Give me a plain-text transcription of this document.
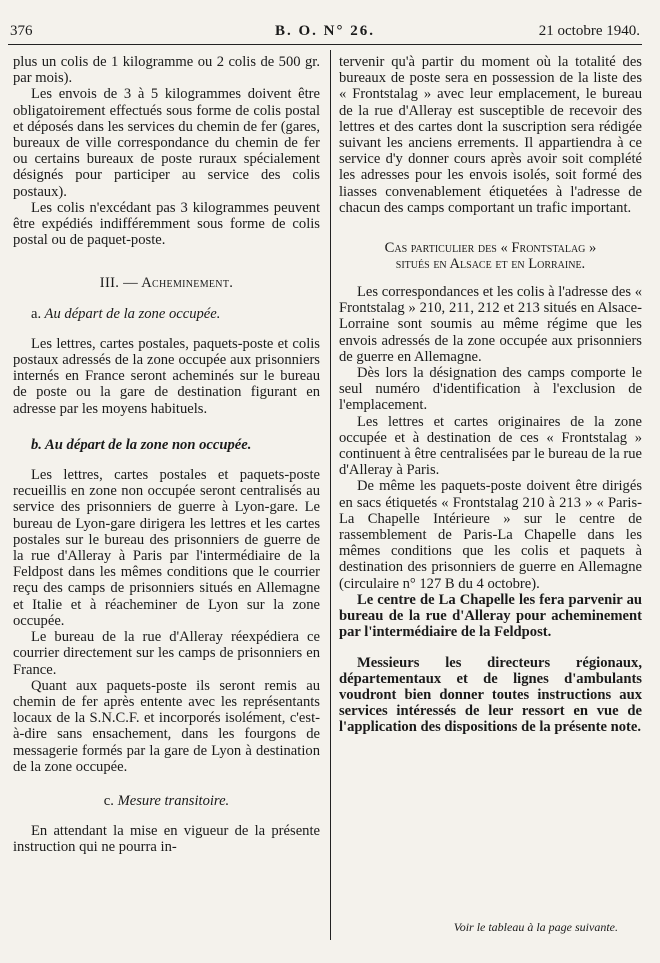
376	B. O. N° 26.	21 octobre 1940.

plus un colis de 1 kilogramme ou 2 colis de 500 gr. par mois).

Les envois de 3 à 5 kilogrammes doivent être obligatoirement effectués sous forme de colis postal et déposés dans les services du chemin de fer (gares, bureaux de ville correspondance du chemin de fer ou certains bureaux de poste ruraux spécialement désignés pour participer au service des colis postaux).

Les colis n'excédant pas 3 kilogrammes peuvent être expédiés indifféremment sous forme de colis postal ou de paquet-poste.

III. — Acheminement.
a. Au départ de la zone occupée.

Les lettres, cartes postales, paquets-poste et colis postaux adressés de la zone occupée aux prisonniers internés en France seront acheminés sur le bureau de poste ou la gare de destination figurant en adresse par les moyens habituels.

b. Au départ de la zone non occupée.

Les lettres, cartes postales et paquets-poste recueillis en zone non occupée seront centralisés au service des prisonniers de guerre à Lyon-gare. Le bureau de Lyon-gare dirigera les lettres et les cartes postales sur le bureau des prisonniers de guerre de la rue d'Alleray à Paris par l'intermédiaire de la Feldpost dans les mêmes conditions que le courrier reçu des camps de prisonniers situés en Allemagne et Italie et à réacheminer de Lyon sur la zone occupée.

Le bureau de la rue d'Alleray réexpédiera ce courrier directement sur les camps de prisonniers en France.

Quant aux paquets-poste ils seront remis au chemin de fer après entente avec les représentants locaux de la S.N.C.F. et incorporés isolément, c'est-à-dire sans ensachement, dans les fourgons de messagerie formés par la gare de Lyon à destination de la zone occupée.

c. Mesure transitoire.

En attendant la mise en vigueur de la présente instruction qui ne pourra in-

tervenir qu'à partir du moment où la totalité des bureaux de poste sera en possession de la liste des « Frontstalag » avec leur emplacement, le bureau de la rue d'Alleray est susceptible de recevoir des lettres et des cartes dont la suscription sera rédigée suivant les anciens errements. Il appartiendra à ce service d'y donner cours après avoir soit complété les adresses pour les envois isolés, soit formé des liasses convenablement étiquetées à l'adresse de chacun des camps comportant un trafic important.

Cas particulier des « Frontstalag »
situés en Alsace et en Lorraine.

Les correspondances et les colis à l'adresse des « Frontstalag » 210, 211, 212 et 213 situés en Alsace-Lorraine sont soumis au même régime que les envois adressés de la zone occupée aux prisonniers de guerre en Allemagne.

Dès lors la désignation des camps comporte le seul numéro d'identification à l'exclusion de l'emplacement.

Les lettres et cartes originaires de la zone occupée et à destination de ces « Frontstalag » continuent à être centralisées par le bureau de la rue d'Alleray à Paris.

De même les paquets-poste doivent être dirigés en sacs étiquetés « Frontstalag 210 à 213 » « Paris-La Chapelle Intérieure » sur le centre de rassemblement de Paris-La Chapelle dans les mêmes conditions que les colis et paquets à destination des prisonniers de guerre en Allemagne (circulaire n° 127 B du 4 octobre).

Le centre de La Chapelle les fera parvenir au bureau de la rue d'Alleray pour acheminement par l'intermédiaire de la Feldpost.

Messieurs les directeurs régionaux, départementaux et de lignes d'ambulants voudront bien donner toutes instructions aux services intéressés de leur ressort en vue de l'application des dispositions de la présente note.

Voir le tableau à la page suivante.
